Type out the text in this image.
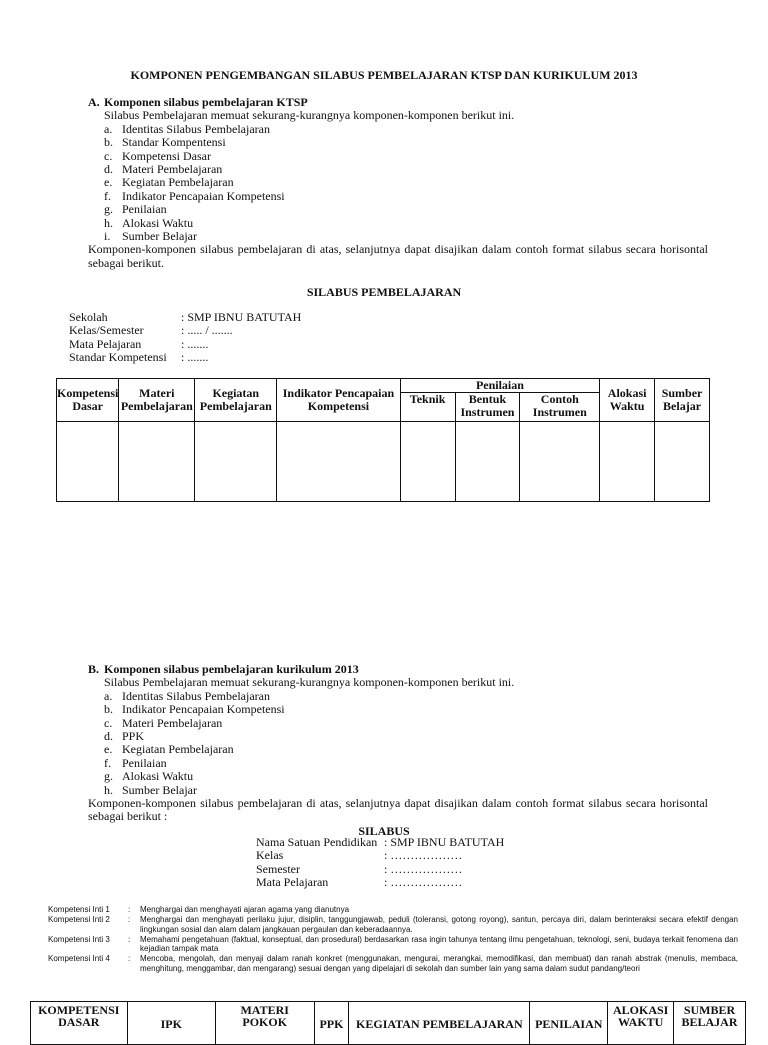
KOMPONEN PENGEMBANGAN SILABUS PEMBELAJARAN KTSP DAN KURIKULUM 2013
A. Komponen silabus pembelajaran KTSP
Silabus Pembelajaran memuat sekurang-kurangnya komponen-komponen berikut ini.
a. Identitas Silabus Pembelajaran
b. Standar Kompentensi
c. Kompetensi Dasar
d. Materi Pembelajaran
e. Kegiatan Pembelajaran
f. Indikator Pencapaian Kompetensi
g. Penilaian
h. Alokasi Waktu
i. Sumber Belajar
Komponen-komponen silabus pembelajaran di atas, selanjutnya dapat disajikan dalam contoh format silabus secara horisontal sebagai berikut.
SILABUS PEMBELAJARAN
Sekolah	: SMP IBNU BATUTAH
Kelas/Semester	: ..... / .......
Mata Pelajaran	: .......
Standar Kompetensi	: .......
Kompetensi Dasar	Materi Pembelajaran	Kegiatan Pembelajaran	Indikator Pencapaian Kompetensi	Penilaian			Alokasi Waktu	Sumber Belajar
				Teknik	Bentuk Instrumen	Contoh Instrumen		

B. Komponen silabus pembelajaran kurikulum 2013
Silabus Pembelajaran memuat sekurang-kurangnya komponen-komponen berikut ini.
a. Identitas Silabus Pembelajaran
b. Indikator Pencapaian Kompetensi
c. Materi Pembelajaran
d. PPK
e. Kegiatan Pembelajaran
f. Penilaian
g. Alokasi Waktu
h. Sumber Belajar
Komponen-komponen silabus pembelajaran di atas, selanjutnya dapat disajikan dalam contoh format silabus secara horisontal sebagai berikut :
SILABUS
Nama Satuan Pendidikan : SMP IBNU BATUTAH
Kelas	: ………………
Semester	: ………………
Mata Pelajaran	: ………………
Kompetensi Inti 1	:	Menghargai dan menghayati ajaran agama yang dianutnya
Kompetensi Inti 2	:	Menghargai dan menghayati perilaku jujur, disiplin, tanggungjawab, peduli (toleransi, gotong royong), santun, percaya diri, dalam berinteraksi secara efektif dengan lingkungan sosial dan alam dalam jangkauan pergaulan dan keberadaannya.
Kompetensi Inti 3	:	Memahami pengetahuan (faktual, konseptual, dan prosedural) berdasarkan rasa ingin tahunya tentang ilmu pengetahuan, teknologi, seni, budaya terkait fenomena dan kejadian tampak mata
Kompetensi Inti 4	:	Mencoba, mengolah, dan menyaji dalam ranah konkret (menggunakan, mengurai, merangkai, memodifikasi, dan membuat) dan ranah abstrak (menulis, membaca, menghitung, menggambar, dan mengarang) sesuai dengan yang dipelajari di sekolah dan sumber lain yang sama dalam sudut pandang/teori
KOMPETENSI DASAR	IPK	MATERI POKOK	PPK	KEGIATAN PEMBELAJARAN	PENILAIAN	ALOKASI WAKTU	SUMBER BELAJAR
